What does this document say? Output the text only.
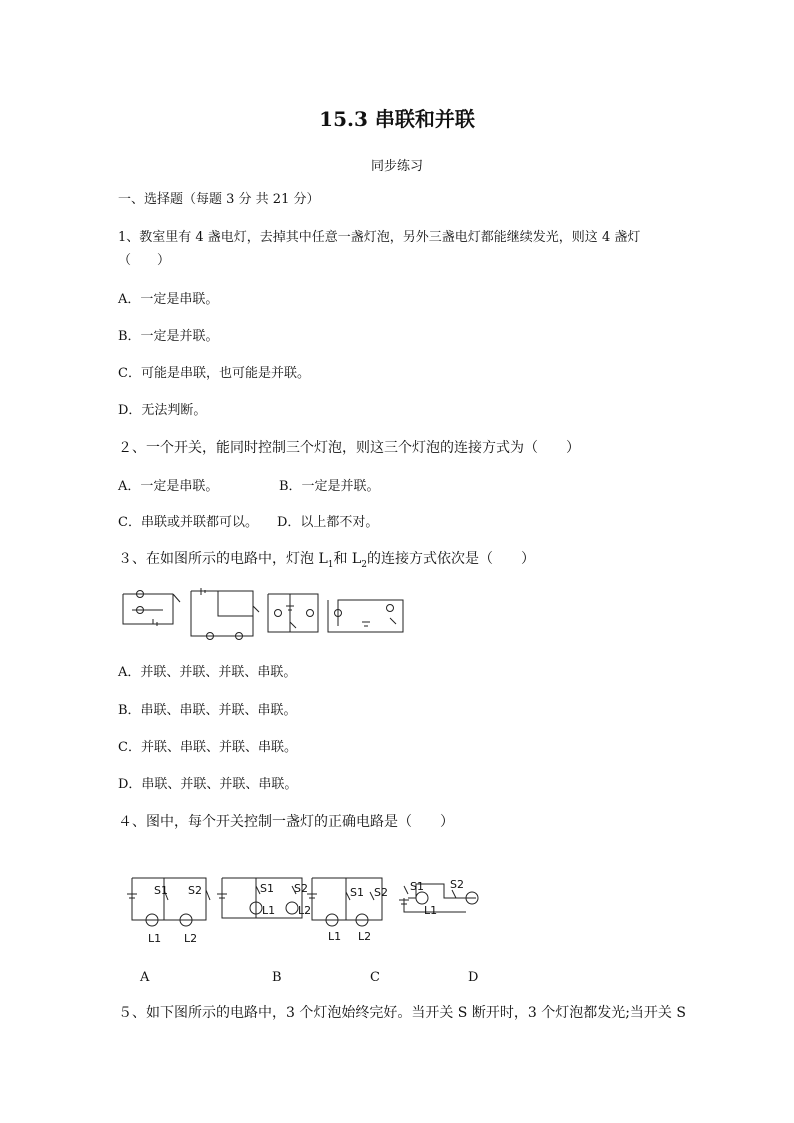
15.3 串联和并联
同步练习
一、选择题（每题 3 分 共 21 分）
1、教室里有 4 盏电灯，去掉其中任意一盏灯泡，另外三盏电灯都能继续发光，则这 4 盏灯
（　　）
A．一定是串联。
B．一定是并联。
C．可能是串联，也可能是并联。
D．无法判断。
２、一个开关，能同时控制三个灯泡，则这三个灯泡的连接方式为（　　）
A．一定是串联。	B．一定是并联。
C．串联或并联都可以。 D．以上都不对。
３、在如图所示的电路中，灯泡 $L_1$和 $L_2$的连接方式依次是（　　）
A．并联、并联、并联、串联。
B．串联、串联、并联、串联。
C．并联、串联、并联、串联。
D．串联、并联、并联、串联。
４、图中，每个开关控制一盏灯的正确电路是（　　）
S1 S2
L1 L2
S1 S2
L1 L2
S1 S2
L1 L2
S1 S2
L1
A	B	C	D
５、如下图所示的电路中，3 个灯泡始终完好。当开关 S 断开时，3 个灯泡都发光;当开关 S
